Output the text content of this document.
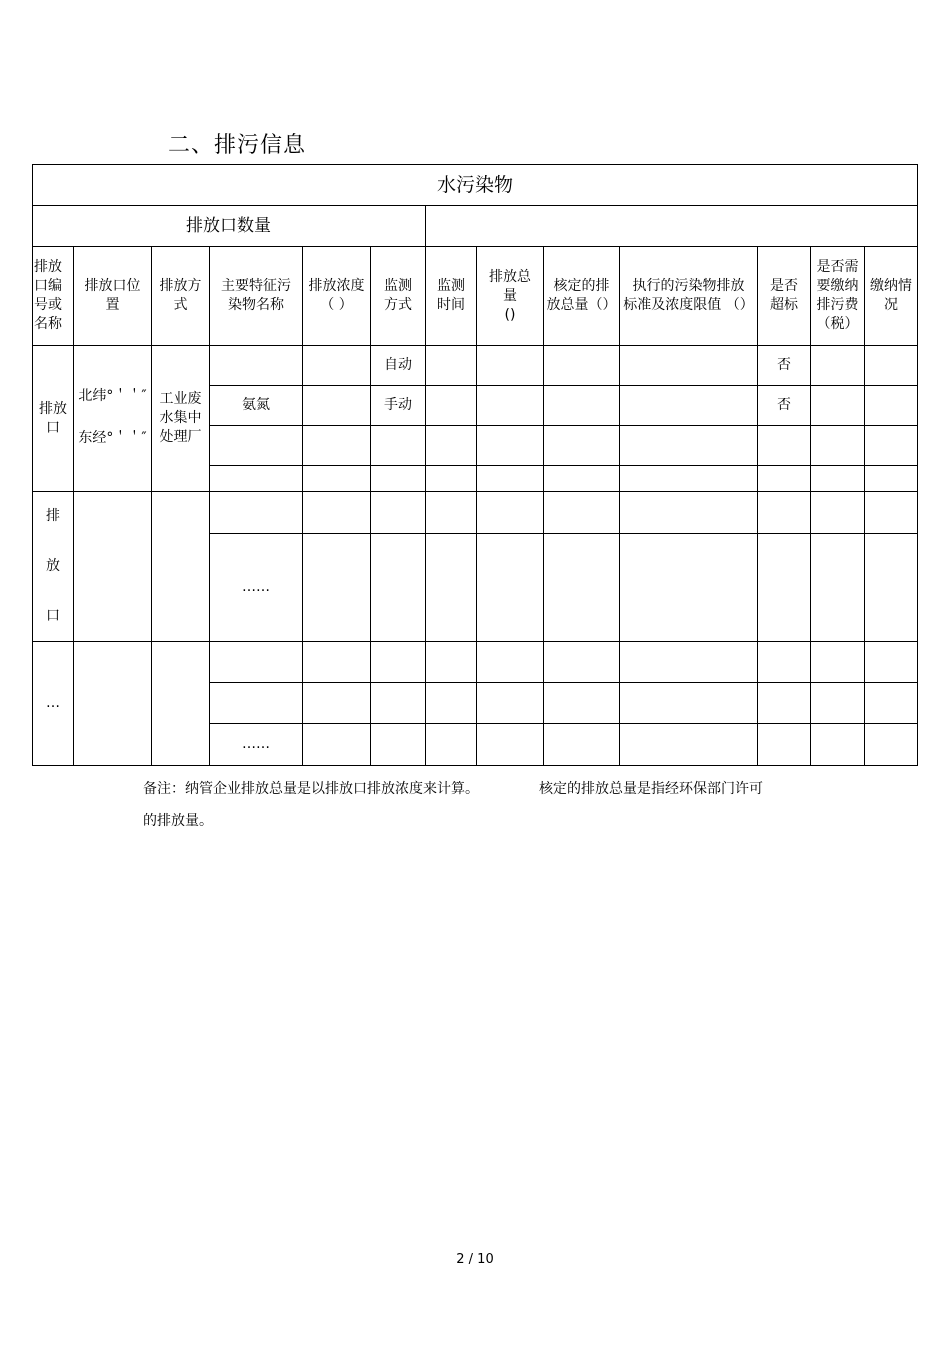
二、排污信息
水污染物
排放口数量
排放
口编
号或
名称
排放口位
置
排放方
式
主要特征污
染物名称
排放浓度
（ ）
监测
方式
监测
时间
排放总
量
()
核定的排
放总量（）
执行的污染物排放
标准及浓度限值 （）
是否
超标
是否需
要缴纳
排污费
（税）
缴纳情
况
排放
口
北纬°＇＇″
东经°＇＇″
工业废
水集中
处理厂
氨氮
自动
手动
否
否
排

放

口
……
…
……
备注：纳管企业排放总量是以排放口排放浓度来计算。	核定的排放总量是指经环保部门许可
的排放量。
2 / 10
